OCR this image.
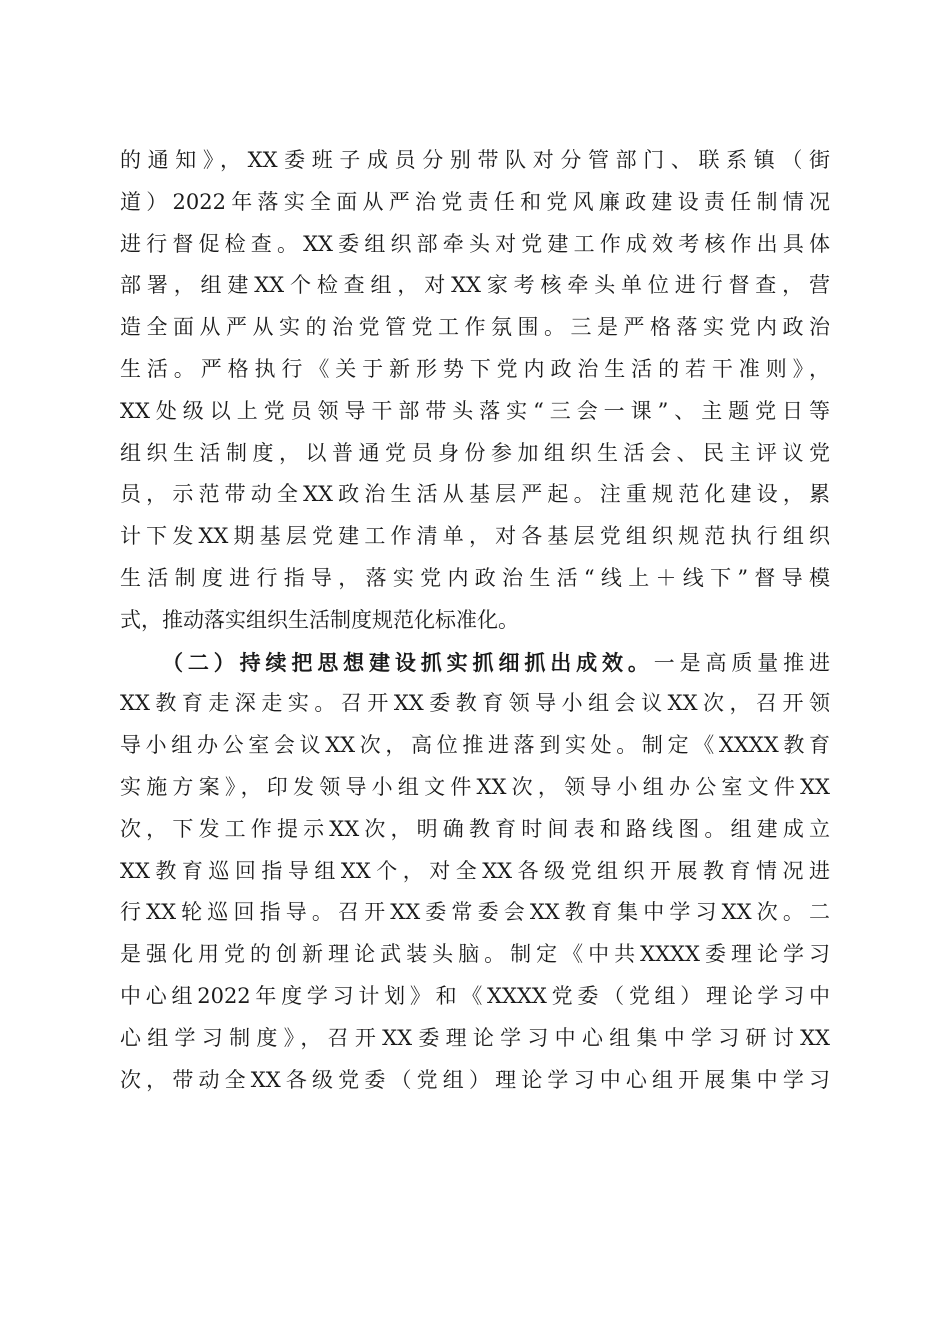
的通知》，XX委班子成员分别带队对分管部门、联系镇（街
道）2022年落实全面从严治党责任和党风廉政建设责任制情况
进行督促检查。XX委组织部牵头对党建工作成效考核作出具体
部署，组建XX个检查组，对XX家考核牵头单位进行督查，营
造全面从严从实的治党管党工作氛围。三是严格落实党内政治
生活。严格执行《关于新形势下党内政治生活的若干准则》，
XX处级以上党员领导干部带头落实“三会一课”、主题党日等
组织生活制度，以普通党员身份参加组织生活会、民主评议党
员，示范带动全XX政治生活从基层严起。注重规范化建设，累
计下发XX期基层党建工作清单，对各基层党组织规范执行组织
生活制度进行指导，落实党内政治生活“线上＋线下”督导模
式，推动落实组织生活制度规范化标准化。
（二）持续把思想建设抓实抓细抓出成效。一是高质量推进
XX教育走深走实。召开XX委教育领导小组会议XX次，召开领
导小组办公室会议XX次，高位推进落到实处。制定《XXXX教育
实施方案》，印发领导小组文件XX次，领导小组办公室文件XX
次，下发工作提示XX次，明确教育时间表和路线图。组建成立
XX教育巡回指导组XX个，对全XX各级党组织开展教育情况进
行XX轮巡回指导。召开XX委常委会XX教育集中学习XX次。二
是强化用党的创新理论武装头脑。制定《中共XXXX委理论学习
中心组2022年度学习计划》和《XXXX党委（党组）理论学习中
心组学习制度》，召开XX委理论学习中心组集中学习研讨XX
次，带动全XX各级党委（党组）理论学习中心组开展集中学习
